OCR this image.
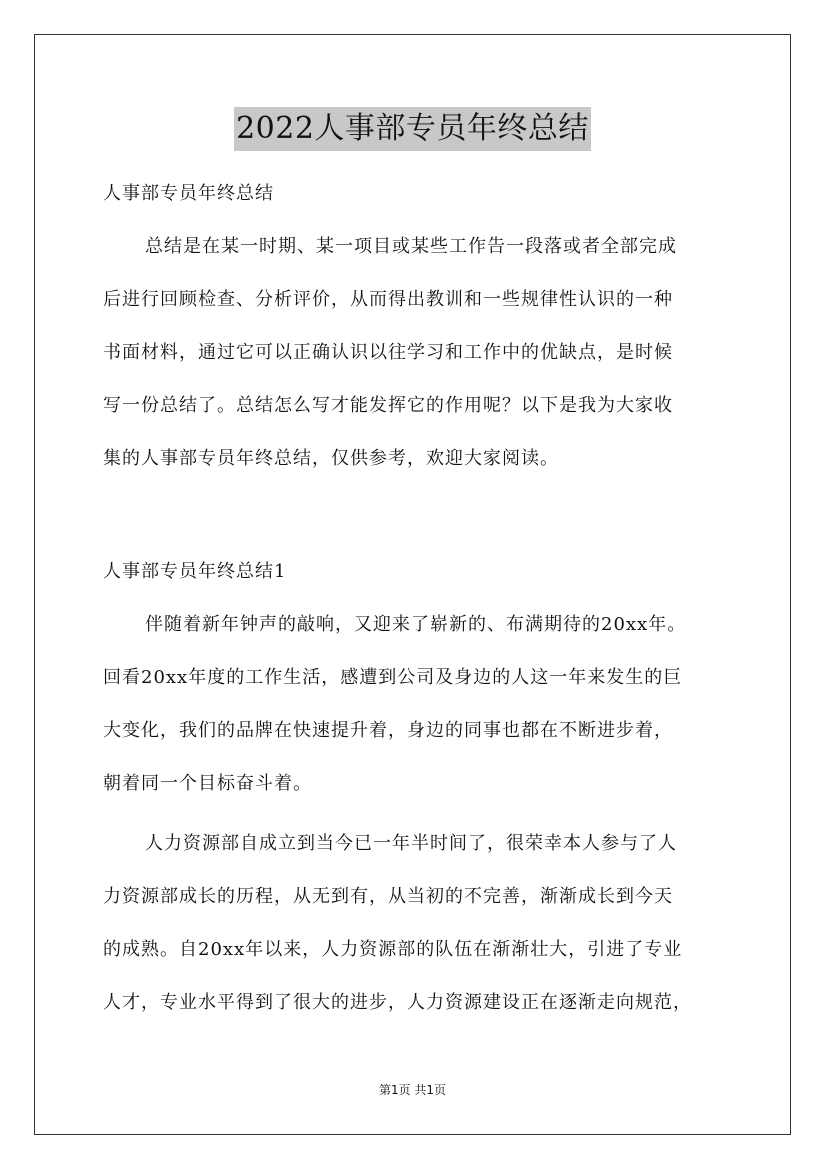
2022人事部专员年终总结
人事部专员年终总结
总结是在某一时期、某一项目或某些工作告一段落或者全部完成
后进行回顾检查、分析评价，从而得出教训和一些规律性认识的一种
书面材料，通过它可以正确认识以往学习和工作中的优缺点，是时候
写一份总结了。总结怎么写才能发挥它的作用呢？以下是我为大家收
集的人事部专员年终总结，仅供参考，欢迎大家阅读。
人事部专员年终总结1
伴随着新年钟声的敲响，又迎来了崭新的、布满期待的20xx年。
回看20xx年度的工作生活，感遭到公司及身边的人这一年来发生的巨
大变化，我们的品牌在快速提升着，身边的同事也都在不断进步着，
朝着同一个目标奋斗着。
人力资源部自成立到当今已一年半时间了，很荣幸本人参与了人
力资源部成长的历程，从无到有，从当初的不完善，渐渐成长到今天
的成熟。自20xx年以来，人力资源部的队伍在渐渐壮大，引进了专业
人才，专业水平得到了很大的进步，人力资源建设正在逐渐走向规范，
第1页 共1页
